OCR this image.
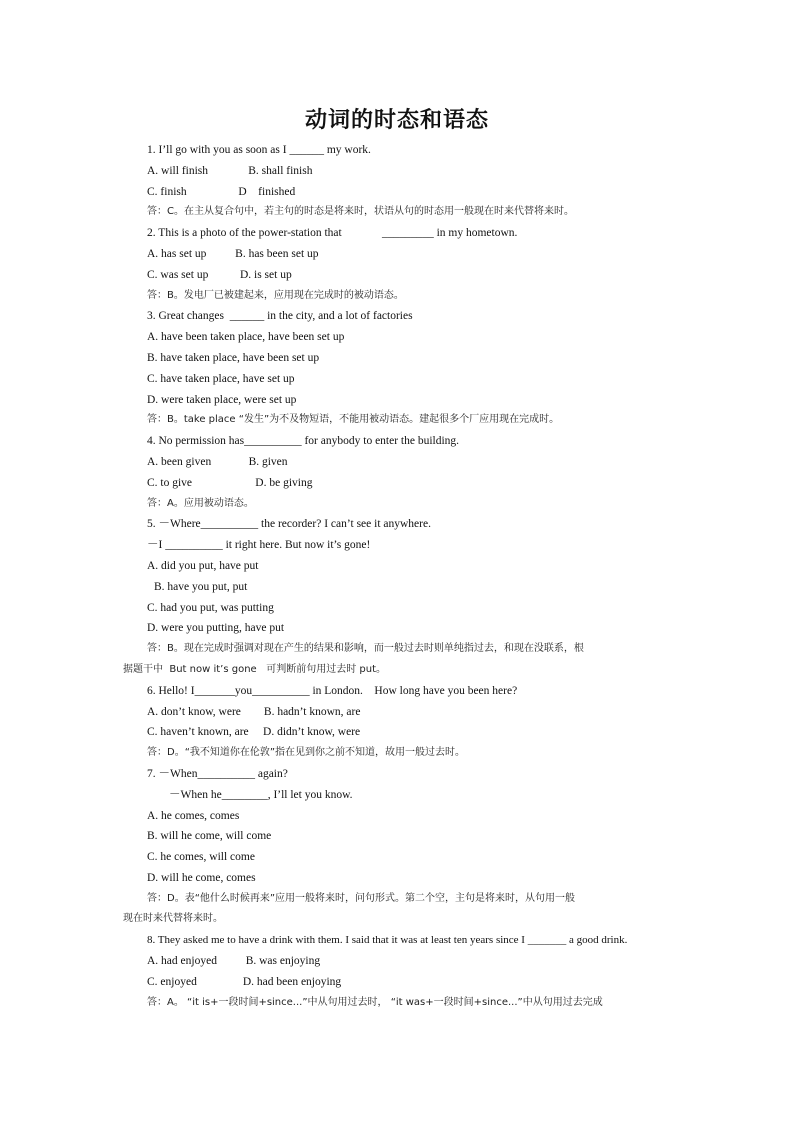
动词的时态和语态
1. I’ll go with you as soon as I ______ my work.
A. will finish              B. shall finish
C. finish                  D    finished
答：C。在主从复合句中，若主句的时态是将来时，状语从句的时态用一般现在时来代替将来时。
2. This is a photo of the power-station that              _________ in my hometown.
A. has set up          B. has been set up
C. was set up           D. is set up
答：B。发电厂已被建起来，应用现在完成时的被动语态。
3. Great changes  ______ in the city, and a lot of factories
A. have been taken place, have been set up
B. have taken place, have been set up
C. have taken place, have set up
D. were taken place, were set up
答：B。take place “发生”为不及物短语，不能用被动语态。建起很多个厂应用现在完成时。
4. No permission has__________ for anybody to enter the building.
A. been given             B. given
C. to give                      D. be giving
答：A。应用被动语态。
5. －Where__________ the recorder? I can’t see it anywhere.
－I __________ it right here. But now it’s gone!
A. did you put, have put
B. have you put, put
C. had you put, was putting
D. were you putting, have put
答：B。现在完成时强调对现在产生的结果和影响，而一般过去时则单纯指过去，和现在没联系，根
据题干中  But now it’s gone   可判断前句用过去时 put。
6. Hello! I_______you__________ in London.    How long have you been here?
A. don’t know, were        B. hadn’t known, are
C. haven’t known, are     D. didn’t know, were
答：D。“我不知道你在伦敦”指在见到你之前不知道，故用一般过去时。
7. －When__________ again?
－When he________, I’ll let you know.
A. he comes, comes
B. will he come, will come
C. he comes, will come
D. will he come, comes
答：D。表“他什么时候再来”应用一般将来时，问句形式。第二个空，主句是将来时，从句用一般
现在时来代替将来时。
8. They asked me to have a drink with them. I said that it was at least ten years since I _______ a good drink.
A. had enjoyed          B. was enjoying
C. enjoyed                D. had been enjoying
答：A。 “it is+一段时间+since...”中从句用过去时， “it was+一段时间+since...”中从句用过去完成
